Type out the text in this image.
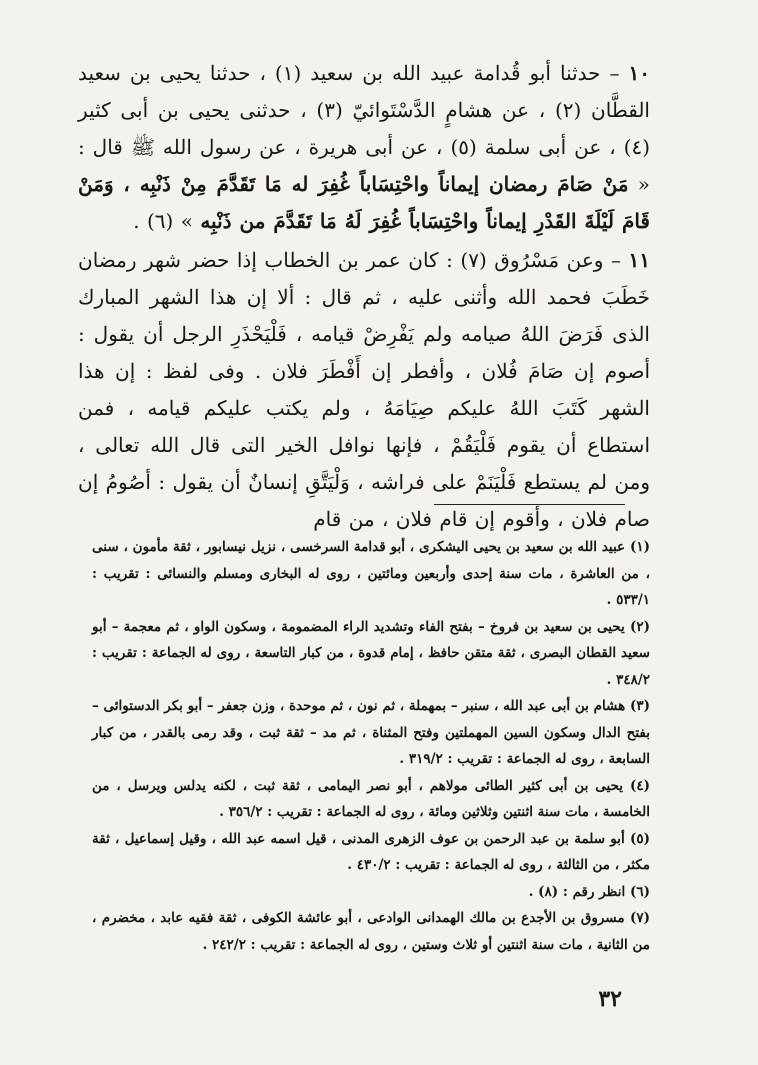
١٠ – حدثنا أبو قُدامة عبيد الله بن سعيد (١) ، حدثنا يحيى بن سعيد القطَّان (٢) ، عن هشامٍ الدَّسْتَوائيّ (٣) ، حدثنى يحيى بن أبى كثير (٤) ، عن أبى سلمة (٥) ، عن أبى هريرة ، عن رسول الله ﷺ قال : « مَنْ صَامَ رمضان إيماناً واحْتِسَاباً غُفِرَ له مَا تَقَدَّمَ مِنْ ذَنْبِه ، وَمَنْ قَامَ لَيْلَةَ القَدْرِ إيماناً واحْتِسَاباً غُفِرَ لَهُ مَا تَقَدَّمَ من ذَنْبِه » (٦) .

١١ – وعن مَسْرُوق (٧) : كان عمر بن الخطاب إذا حضر شهر رمضان خَطَبَ فحمد الله وأثنى عليه ، ثم قال : ألا إن هذا الشهر المبارك الذى فَرَضَ اللهُ صيامه ولم يَفْرِضْ قيامه ، فَلْيَحْذَرِ الرجل أن يقول : أصوم إن صَامَ فُلان ، وأفطر إن أَفْطَرَ فلان . وفى لفظ : إن هذا الشهر كَتَبَ اللهُ عليكم صِيَامَهُ ، ولم يكتب عليكم قيامه ، فمن استطاع أن يقوم فَلْيَقُمْ ، فإنها نوافل الخير التى قال الله تعالى ، ومن لم يستطع فَلْيَنَمْ على فراشه ، وَلْيَتَّقِ إنسانٌ أن يقول : أصُومُ إن صام فلان ، وأقوم إن قام فلان ، من قام

(١) عبيد الله بن سعيد بن يحيى اليشكرى ، أبو قدامة السرخسى ، نزيل نيسابور ، ثقة مأمون ، سنى ، من العاشرة ، مات سنة إحدى وأربعين ومائتين ، روى له البخارى ومسلم والنسائى : تقريب : ٥٣٣/١ .

(٢) يحيى بن سعيد بن فروخ – بفتح الفاء وتشديد الراء المضمومة ، وسكون الواو ، ثم معجمة – أبو سعيد القطان البصرى ، ثقة متقن حافظ ، إمام قدوة ، من كبار التاسعة ، روى له الجماعة : تقريب : ٣٤٨/٢ .

(٣) هشام بن أبى عبد الله ، سنبر – بمهملة ، ثم نون ، ثم موحدة ، وزن جعفر – أبو بكر الدستوائى – بفتح الدال وسكون السين المهملتين وفتح المثناة ، ثم مد – ثقة ثبت ، وقد رمى بالقدر ، من كبار السابعة ، روى له الجماعة : تقريب : ٣١٩/٢ .

(٤) يحيى بن أبى كثير الطائى مولاهم ، أبو نصر اليمامى ، ثقة ثبت ، لكنه يدلس ويرسل ، من الخامسة ، مات سنة اثنتين وثلاثين ومائة ، روى له الجماعة : تقريب : ٣٥٦/٢ .

(٥) أبو سلمة بن عبد الرحمن بن عوف الزهرى المدنى ، قيل اسمه عبد الله ، وقيل إسماعيل ، ثقة مكثر ، من الثالثة ، روى له الجماعة : تقريب : ٤٣٠/٢ .

(٦) انظر رقم : (٨) .

(٧) مسروق بن الأجدع بن مالك الهمدانى الوادعى ، أبو عائشة الكوفى ، ثقة فقيه عابد ، مخضرم ، من الثانية ، مات سنة اثنتين أو ثلاث وستين ، روى له الجماعة : تقريب : ٢٤٢/٢ .

٣٢
